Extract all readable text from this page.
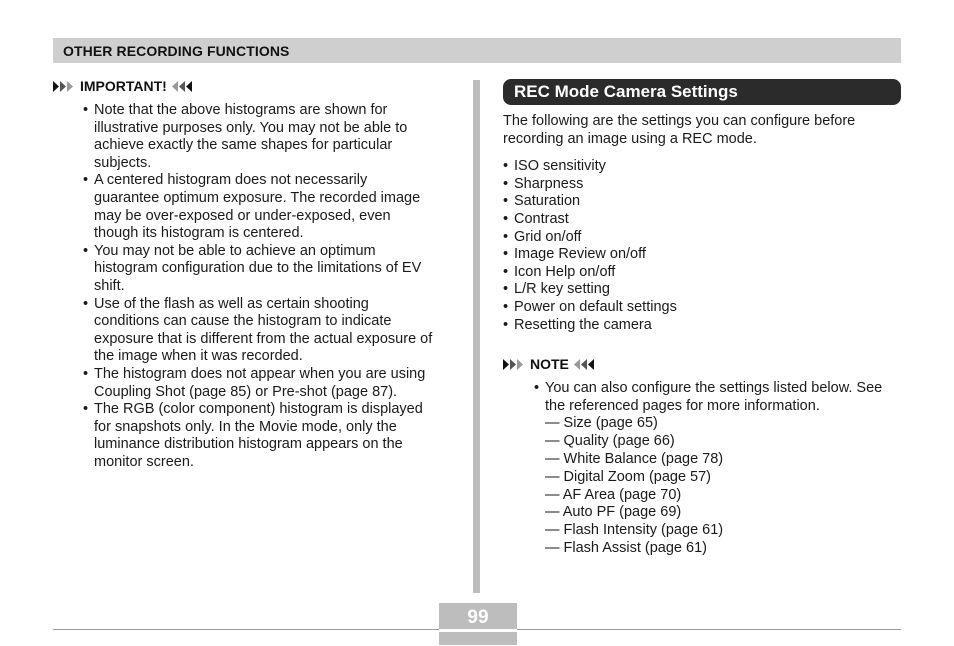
OTHER RECORDING FUNCTIONS
IMPORTANT!
• Note that the above histograms are shown for
illustrative purposes only. You may not be able to
achieve exactly the same shapes for particular
subjects.
• A centered histogram does not necessarily
guarantee optimum exposure. The recorded image
may be over-exposed or under-exposed, even
though its histogram is centered.
• You may not be able to achieve an optimum
histogram configuration due to the limitations of EV
shift.
• Use of the flash as well as certain shooting
conditions can cause the histogram to indicate
exposure that is different from the actual exposure of
the image when it was recorded.
• The histogram does not appear when you are using
Coupling Shot (page 85) or Pre-shot (page 87).
• The RGB (color component) histogram is displayed
for snapshots only. In the Movie mode, only the
luminance distribution histogram appears on the
monitor screen.
REC Mode Camera Settings
The following are the settings you can configure before
recording an image using a REC mode.
• ISO sensitivity
• Sharpness
• Saturation
• Contrast
• Grid on/off
• Image Review on/off
• Icon Help on/off
• L/R key setting
• Power on default settings
• Resetting the camera
NOTE
• You can also configure the settings listed below. See
the referenced pages for more information.
— Size (page 65)
— Quality (page 66)
— White Balance (page 78)
— Digital Zoom (page 57)
— AF Area (page 70)
— Auto PF (page 69)
— Flash Intensity (page 61)
— Flash Assist (page 61)
99
